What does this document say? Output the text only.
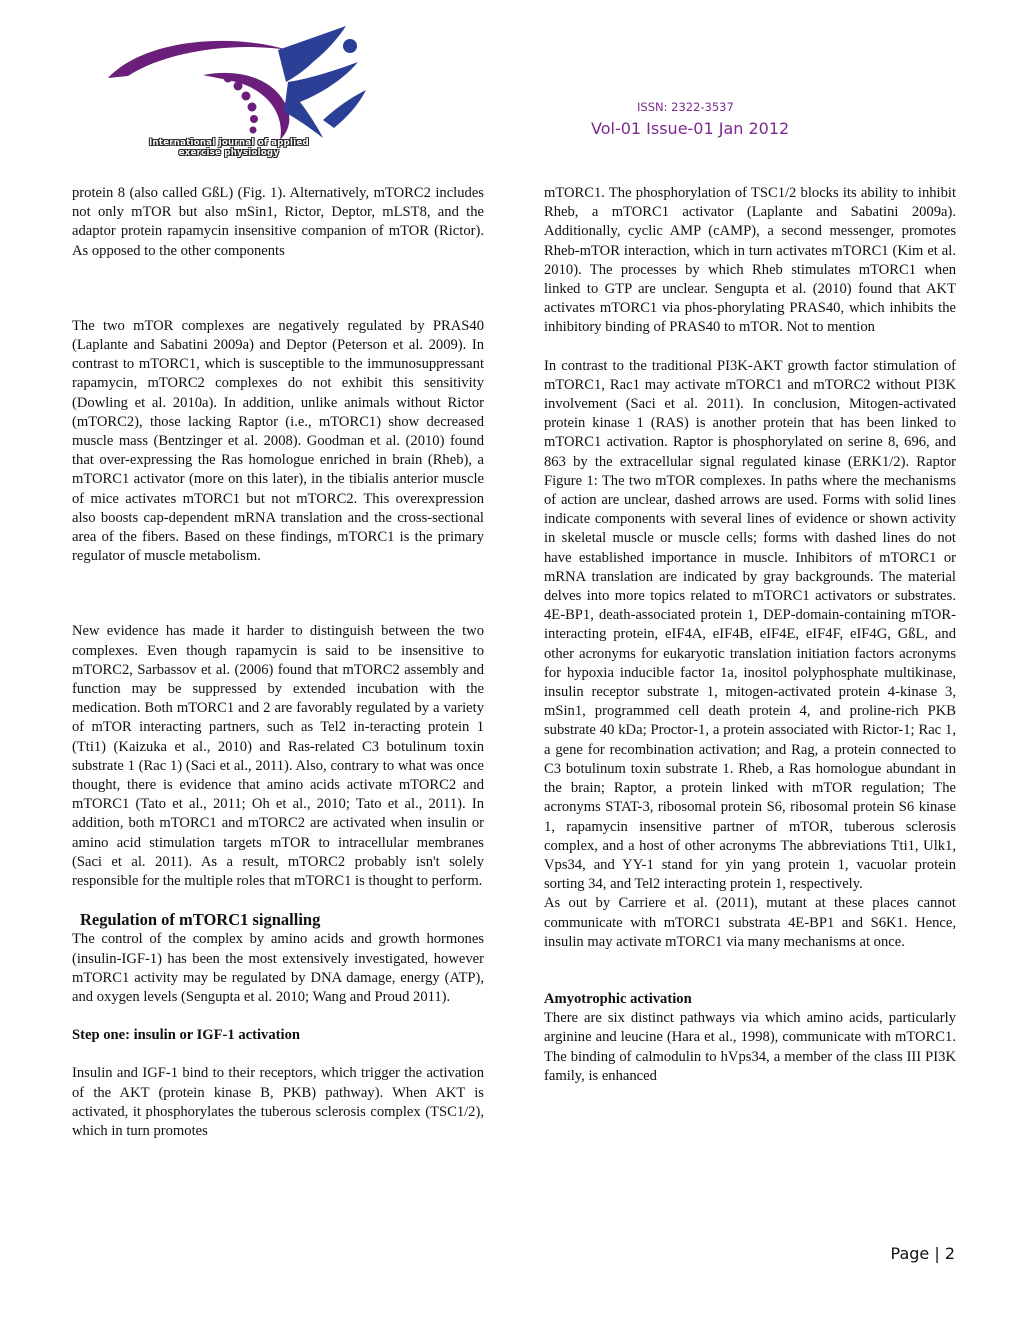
International journal of applied
exercise physiology
ISSN: 2322-3537
Vol-01 Issue-01 Jan 2012

protein 8 (also called GßL) (Fig. 1). Alternatively, mTORC2 includes not only mTOR but also mSin1, Rictor, Deptor, mLST8, and the adaptor protein rapamycin insensitive companion of mTOR (Rictor). As opposed to the other components

The two mTOR complexes are negatively regulated by PRAS40 (Laplante and Sabatini 2009a) and Deptor (Peterson et al. 2009). In contrast to mTORC1, which is susceptible to the immunosuppressant rapamycin, mTORC2 complexes do not exhibit this sensitivity (Dowling et al. 2010a). In addition, unlike animals without Rictor (mTORC2), those lacking Raptor (i.e., mTORC1) show decreased muscle mass (Bentzinger et al. 2008). Goodman et al. (2010) found that over-expressing the Ras homologue enriched in brain (Rheb), a mTORC1 activator (more on this later), in the tibialis anterior muscle of mice activates mTORC1 but not mTORC2. This overexpression also boosts cap-dependent mRNA translation and the cross-sectional area of the fibers. Based on these findings, mTORC1 is the primary regulator of muscle metabolism.

New evidence has made it harder to distinguish between the two complexes. Even though rapamycin is said to be insensitive to mTORC2, Sarbassov et al. (2006) found that mTORC2 assembly and function may be suppressed by extended incubation with the medication. Both mTORC1 and 2 are favorably regulated by a variety of mTOR interacting partners, such as Tel2 in-teracting protein 1 (Tti1) (Kaizuka et al., 2010) and Ras-related C3 botulinum toxin substrate 1 (Rac 1) (Saci et al., 2011). Also, contrary to what was once thought, there is evidence that amino acids activate mTORC2 and mTORC1 (Tato et al., 2011; Oh et al., 2010; Tato et al., 2011). In addition, both mTORC1 and mTORC2 are activated when insulin or amino acid stimulation targets mTOR to intracellular membranes (Saci et al. 2011). As a result, mTORC2 probably isn't solely responsible for the multiple roles that mTORC1 is thought to perform.

Regulation of mTORC1 signalling

The control of the complex by amino acids and growth hormones (insulin-IGF-1) has been the most extensively investigated, however mTORC1 activity may be regulated by DNA damage, energy (ATP), and oxygen levels (Sengupta et al. 2010; Wang and Proud 2011).

Step one: insulin or IGF-1 activation

Insulin and IGF-1 bind to their receptors, which trigger the activation of the AKT (protein kinase B, PKB) pathway). When AKT is activated, it phosphorylates the tuberous sclerosis complex (TSC1/2), which in turn promotes

mTORC1. The phosphorylation of TSC1/2 blocks its ability to inhibit Rheb, a mTORC1 activator (Laplante and Sabatini 2009a). Additionally, cyclic AMP (cAMP), a second messenger, promotes Rheb-mTOR interaction, which in turn activates mTORC1 (Kim et al. 2010). The processes by which Rheb stimulates mTORC1 when linked to GTP are unclear. Sengupta et al. (2010) found that AKT activates mTORC1 via phos-phorylating PRAS40, which inhibits the inhibitory binding of PRAS40 to mTOR. Not to mention

In contrast to the traditional PI3K-AKT growth factor stimulation of mTORC1, Rac1 may activate mTORC1 and mTORC2 without PI3K involvement (Saci et al. 2011). In conclusion, Mitogen-activated protein kinase 1 (RAS) is another protein that has been linked to mTORC1 activation. Raptor is phosphorylated on serine 8, 696, and 863 by the extracellular signal regulated kinase (ERK1/2). Raptor Figure 1: The two mTOR complexes. In paths where the mechanisms of action are unclear, dashed arrows are used. Forms with solid lines indicate components with several lines of evidence or shown activity in skeletal muscle or muscle cells; forms with dashed lines do not have established importance in muscle. Inhibitors of mTORC1 or mRNA translation are indicated by gray backgrounds. The material delves into more topics related to mTORC1 activators or substrates. 4E-BP1, death-associated protein 1, DEP-domain-containing mTOR-interacting protein, eIF4A, eIF4B, eIF4E, eIF4F, eIF4G, GßL, and other acronyms for eukaryotic translation initiation factors acronyms for hypoxia inducible factor 1a, inositol polyphosphate multikinase, insulin receptor substrate 1, mitogen-activated protein 4-kinase 3, mSin1, programmed cell death protein 4, and proline-rich PKB substrate 40 kDa; Proctor-1, a protein associated with Rictor-1; Rac 1, a gene for recombination activation; and Rag, a protein connected to C3 botulinum toxin substrate 1. Rheb, a Ras homologue abundant in the brain; Raptor, a protein linked with mTOR regulation; The acronyms STAT-3, ribosomal protein S6, ribosomal protein S6 kinase 1, rapamycin insensitive partner of mTOR, tuberous sclerosis complex, and a host of other acronyms The abbreviations Tti1, Ulk1, Vps34, and YY-1 stand for yin yang protein 1, vacuolar protein sorting 34, and Tel2 interacting protein 1, respectively.

As out by Carriere et al. (2011), mutant at these places cannot communicate with mTORC1 substrata 4E-BP1 and S6K1. Hence, insulin may activate mTORC1 via many mechanisms at once.

Amyotrophic activation

There are six distinct pathways via which amino acids, particularly arginine and leucine (Hara et al., 1998), communicate with mTORC1. The binding of calmodulin to hVps34, a member of the class III PI3K family, is enhanced

Page | 2
